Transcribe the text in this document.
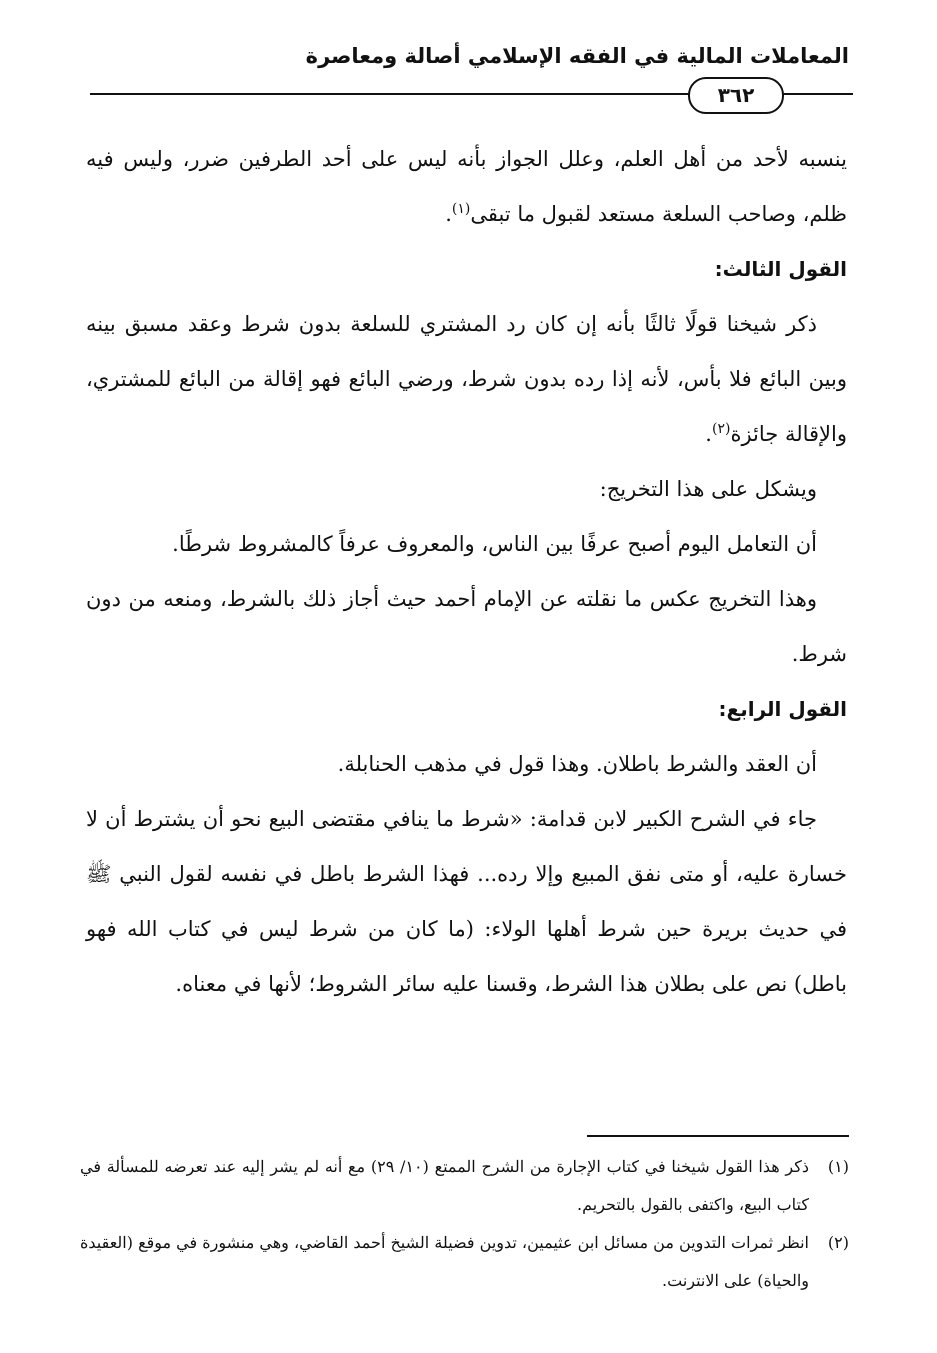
المعاملات المالية في الفقه الإسلامي أصالة ومعاصرة
٣٦٢

ينسبه لأحد من أهل العلم، وعلل الجواز بأنه ليس على أحد الطرفين ضرر، وليس فيه ظلم، وصاحب السلعة مستعد لقبول ما تبقى$^{(١)}$.

القول الثالث:

ذكر شيخنا قولًا ثالثًا بأنه إن كان رد المشتري للسلعة بدون شرط وعقد مسبق بينه وبين البائع فلا بأس، لأنه إذا رده بدون شرط، ورضي البائع فهو إقالة من البائع للمشتري، والإقالة جائزة$^{(٢)}$.

ويشكل على هذا التخريج:

أن التعامل اليوم أصبح عرفًا بين الناس، والمعروف عرفاً كالمشروط شرطًا.

وهذا التخريج عكس ما نقلته عن الإمام أحمد حيث أجاز ذلك بالشرط، ومنعه من دون شرط.

القول الرابع:

أن العقد والشرط باطلان. وهذا قول في مذهب الحنابلة.

جاء في الشرح الكبير لابن قدامة: «شرط ما ينافي مقتضى البيع نحو أن يشترط أن لا خسارة عليه، أو متى نفق المبيع وإلا رده... فهذا الشرط باطل في نفسه لقول النبي ﷺ في حديث بريرة حين شرط أهلها الولاء: (ما كان من شرط ليس في كتاب الله فهو باطل) نص على بطلان هذا الشرط، وقسنا عليه سائر الشروط؛ لأنها في معناه.

(١)
ذكر هذا القول شيخنا في كتاب الإجارة من الشرح الممتع (١٠/ ٢٩) مع أنه لم يشر إليه عند تعرضه للمسألة في كتاب البيع، واكتفى بالقول بالتحريم.
(٢)
انظر ثمرات التدوين من مسائل ابن عثيمين، تدوين فضيلة الشيخ أحمد القاضي، وهي منشورة في موقع (العقيدة والحياة) على الانترنت.
